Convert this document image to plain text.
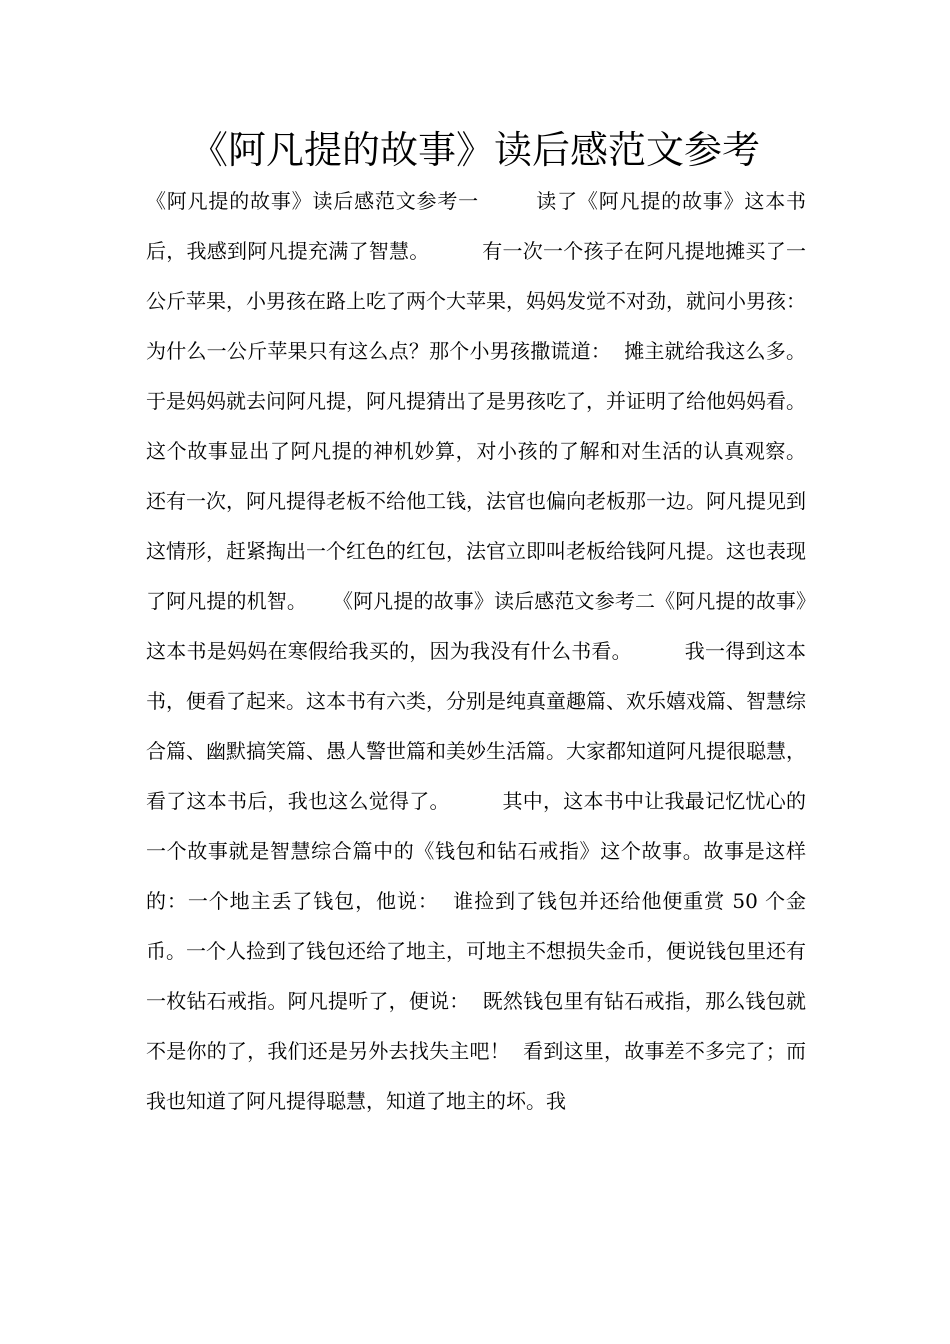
《阿凡提的故事》读后感范文参考

《阿凡提的故事》读后感范文参考一        读了《阿凡提的故事》这本书后，我感到阿凡提充满了智慧。        有一次一个孩子在阿凡提地摊买了一公斤苹果，小男孩在路上吃了两个大苹果，妈妈发觉不对劲，就问小男孩：  为什么一公斤苹果只有这么点？那个小男孩撒谎道：  摊主就给我这么多。 于是妈妈就去问阿凡提，阿凡提猜出了是男孩吃了，并证明了给他妈妈看。        这个故事显出了阿凡提的神机妙算，对小孩的了解和对生活的认真观察。        还有一次，阿凡提得老板不给他工钱，法官也偏向老板那一边。阿凡提见到这情形，赶紧掏出一个红色的红包，法官立即叫老板给钱阿凡提。这也表现了阿凡提的机智。    《阿凡提的故事》读后感范文参考二《阿凡提的故事》这本书是妈妈在寒假给我买的，因为我没有什么书看。        我一得到这本书，便看了起来。这本书有六类，分别是纯真童趣篇、欢乐嬉戏篇、智慧综合篇、幽默搞笑篇、愚人警世篇和美妙生活篇。大家都知道阿凡提很聪慧，看了这本书后，我也这么觉得了。        其中，这本书中让我最记忆忧心的一个故事就是智慧综合篇中的《钱包和钻石戒指》这个故事。故事是这样的：一个地主丢了钱包，他说：  谁捡到了钱包并还给他便重赏 50 个金币。一个人捡到了钱包还给了地主，可地主不想损失金币，便说钱包里还有一枚钻石戒指。阿凡提听了，便说：  既然钱包里有钻石戒指，那么钱包就不是你的了，我们还是另外去找失主吧！  看到这里，故事差不多完了；而我也知道了阿凡提得聪慧，知道了地主的坏。我
